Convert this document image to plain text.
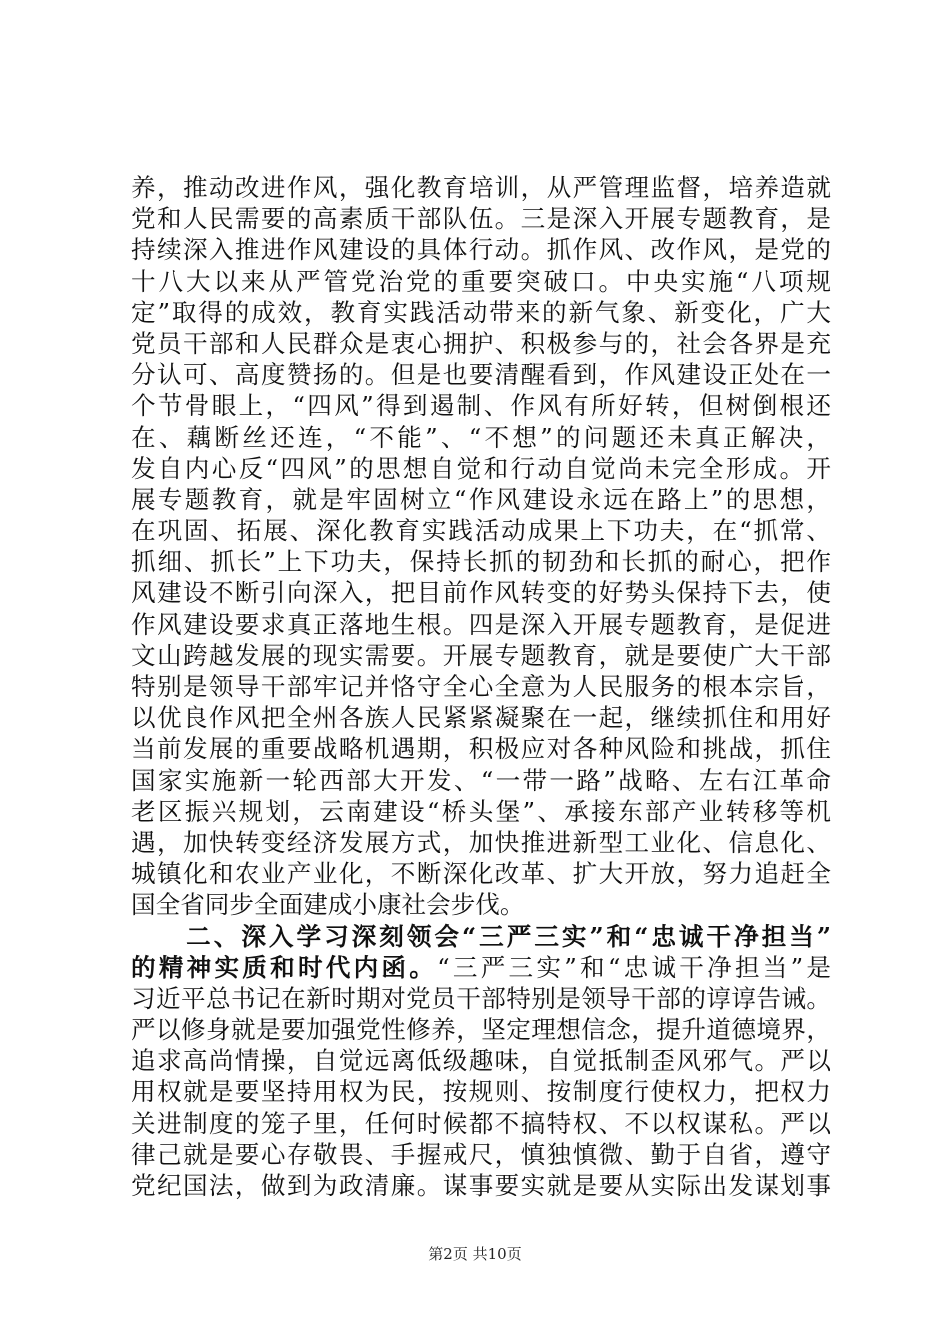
养，推动改进作风，强化教育培训，从严管理监督，培养造就
党和人民需要的高素质干部队伍。三是深入开展专题教育，是
持续深入推进作风建设的具体行动。抓作风、改作风，是党的
十八大以来从严管党治党的重要突破口。中央实施“八项规
定”取得的成效，教育实践活动带来的新气象、新变化，广大
党员干部和人民群众是衷心拥护、积极参与的，社会各界是充
分认可、高度赞扬的。但是也要清醒看到，作风建设正处在一
个节骨眼上，“四风”得到遏制、作风有所好转，但树倒根还
在、藕断丝还连，“不能”、“不想”的问题还未真正解决，
发自内心反“四风”的思想自觉和行动自觉尚未完全形成。开
展专题教育，就是牢固树立“作风建设永远在路上”的思想，
在巩固、拓展、深化教育实践活动成果上下功夫，在“抓常、
抓细、抓长”上下功夫，保持长抓的韧劲和长抓的耐心，把作
风建设不断引向深入，把目前作风转变的好势头保持下去，使
作风建设要求真正落地生根。四是深入开展专题教育，是促进
文山跨越发展的现实需要。开展专题教育，就是要使广大干部
特别是领导干部牢记并恪守全心全意为人民服务的根本宗旨，
以优良作风把全州各族人民紧紧凝聚在一起，继续抓住和用好
当前发展的重要战略机遇期，积极应对各种风险和挑战，抓住
国家实施新一轮西部大开发、“一带一路”战略、左右江革命
老区振兴规划，云南建设“桥头堡”、承接东部产业转移等机
遇，加快转变经济发展方式，加快推进新型工业化、信息化、
城镇化和农业产业化，不断深化改革、扩大开放，努力追赶全
国全省同步全面建成小康社会步伐。
　　二、深入学习深刻领会“三严三实”和“忠诚干净担当”
的精神实质和时代内函。“三严三实”和“忠诚干净担当”是
习近平总书记在新时期对党员干部特别是领导干部的谆谆告诫。
严以修身就是要加强党性修养，坚定理想信念，提升道德境界，
追求高尚情操，自觉远离低级趣味，自觉抵制歪风邪气。严以
用权就是要坚持用权为民，按规则、按制度行使权力，把权力
关进制度的笼子里，任何时候都不搞特权、不以权谋私。严以
律己就是要心存敬畏、手握戒尺，慎独慎微、勤于自省，遵守
党纪国法，做到为政清廉。谋事要实就是要从实际出发谋划事
第2页 共10页
